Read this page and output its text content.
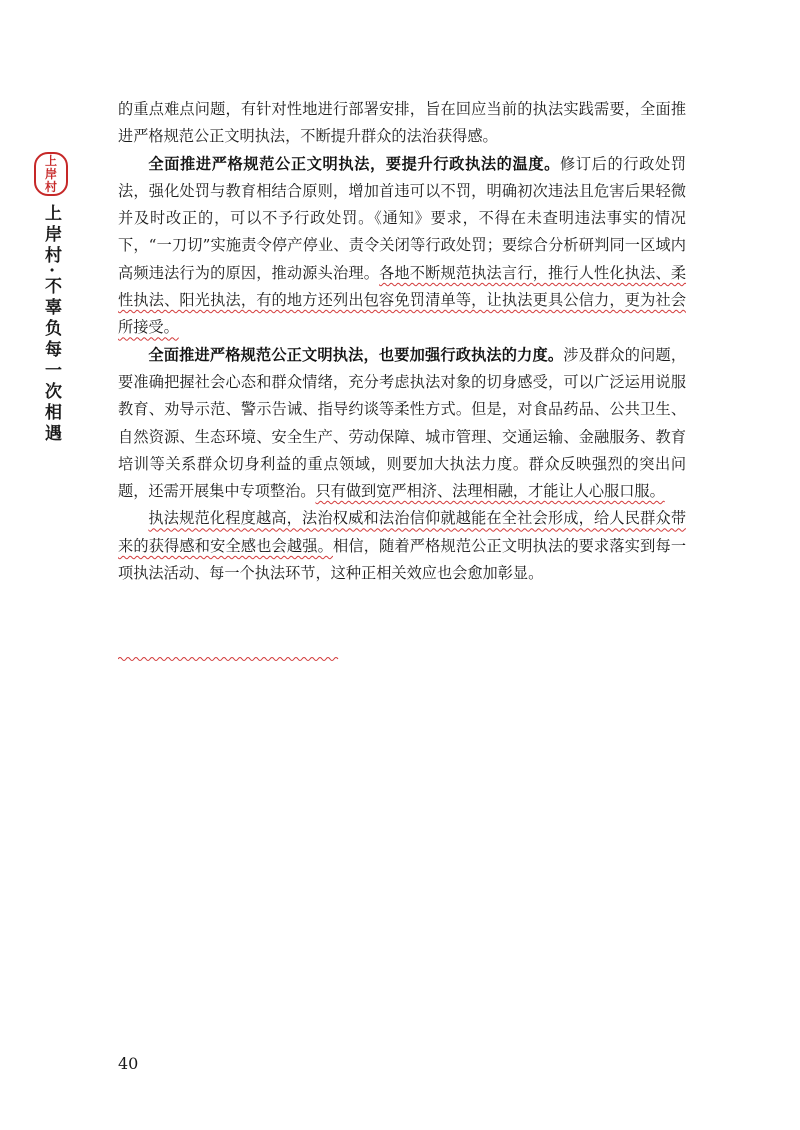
上
岸
村
上岸村·不辜负每一次相遇

的重点难点问题，有针对性地进行部署安排，旨在回应当前的执法实践需要，全面推进严格规范公正文明执法，不断提升群众的法治获得感。

全面推进严格规范公正文明执法，要提升行政执法的温度。修订后的行政处罚法，强化处罚与教育相结合原则，增加首违可以不罚，明确初次违法且危害后果轻微并及时改正的，可以不予行政处罚。《通知》要求，不得在未查明违法事实的情况下，“一刀切”实施责令停产停业、责令关闭等行政处罚；要综合分析研判同一区域内高频违法行为的原因，推动源头治理。各地不断规范执法言行，推行人性化执法、柔性执法、阳光执法，有的地方还列出包容免罚清单等，让执法更具公信力，更为社会所接受。

全面推进严格规范公正文明执法，也要加强行政执法的力度。涉及群众的问题，要准确把握社会心态和群众情绪，充分考虑执法对象的切身感受，可以广泛运用说服教育、劝导示范、警示告诫、指导约谈等柔性方式。但是，对食品药品、公共卫生、自然资源、生态环境、安全生产、劳动保障、城市管理、交通运输、金融服务、教育培训等关系群众切身利益的重点领域，则要加大执法力度。群众反映强烈的突出问题，还需开展集中专项整治。只有做到宽严相济、法理相融，才能让人心服口服。

执法规范化程度越高，法治权威和法治信仰就越能在全社会形成，给人民群众带来的获得感和安全感也会越强。相信，随着严格规范公正文明执法的要求落实到每一项执法活动、每一个执法环节，这种正相关效应也会愈加彰显。

40
